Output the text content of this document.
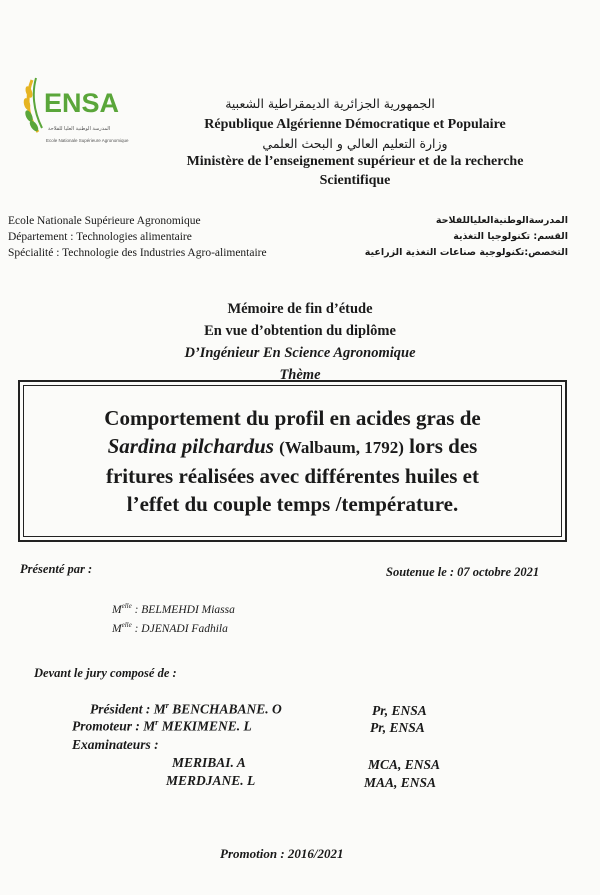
ENSA
المدرسة الوطنية العليا للفلاحة
Ecole Nationale Supérieure Agronomique
الجمهورية الجزائرية الديمقراطية الشعبية
République Algérienne Démocratique et Populaire
وزارة التعليم العالي و البحث العلمي
Ministère de l’enseignement supérieur et de la recherche
Scientifique
Ecole Nationale Supérieure Agronomique
Département : Technologies alimentaire
Spécialité : Technologie des Industries Agro-alimentaire
المدرسةالوطنيةالعلياللفلاحة
القسم: تكنولوجيا التغذية
التخصص:تكنولوجية صناعات التغذية الزراعية
Mémoire de fin d’étude
En vue d’obtention du diplôme
D’Ingénieur En Science Agronomique
Thème
Comportement du profil en acides gras de
Sardina pilchardus (Walbaum, 1792) lors des
fritures réalisées avec différentes huiles et
l’effet du couple temps /température.
Présenté par :	Soutenue le : 07 octobre 2021
$M^{elle}$ : BELMEHDI Miassa
$M^{elle}$ : DJENADI Fadhila
Devant le jury composé de :
Président : $M^r$ BENCHABANE. O	Pr, ENSA
Promoteur : $M^r$ MEKIMENE. L	Pr, ENSA
Examinateurs :
MERIBAI. A	MCA, ENSA
MERDJANE. L	MAA, ENSA
Promotion : 2016/2021
